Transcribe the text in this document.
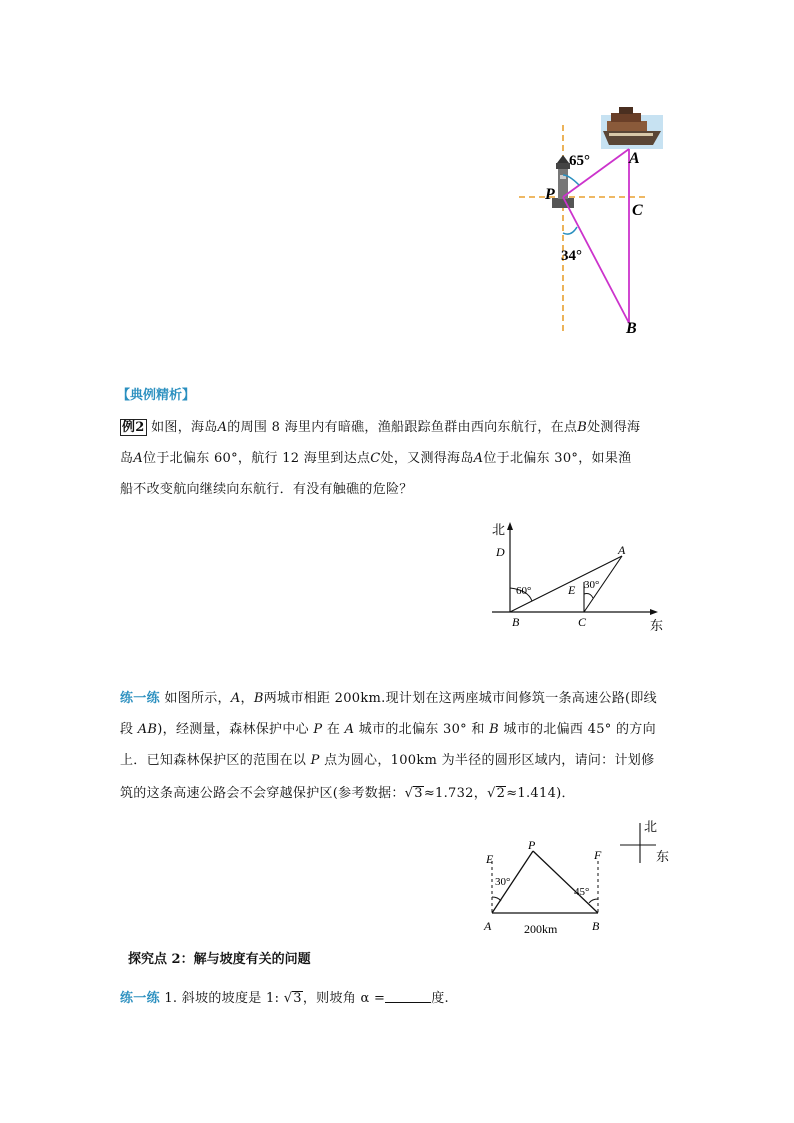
65° A
P
C
34°
B
【典例精析】
例2 如图，海岛A的周围 8 海里内有暗礁，渔船跟踪鱼群由西向东航行，在点B处测得海
岛A位于北偏东 60°，航行 12 海里到达点C处，又测得海岛A位于北偏东 30°，如果渔
船不改变航向继续向东航行．有没有触礁的危险？
北
D	A
30°
E
60°
B	C	东
练一练 如图所示，A，B两城市相距 200km.现计划在这两座城市间修筑一条高速公路(即线
段 AB)，经测量，森林保护中心 P 在 A 城市的北偏东 30° 和 B 城市的北偏西 45° 的方向
上．已知森林保护区的范围在以 P 点为圆心，100km 为半径的圆形区域内，请问：计划修
筑的这条高速公路会不会穿越保护区(参考数据：√3≈1.732，√2≈1.414)．
北
东
E
P
F
30°
45°
A	200km	B
探究点 2：解与坡度有关的问题
练一练 1. 斜坡的坡度是 1: √3，则坡角 α =	度.
